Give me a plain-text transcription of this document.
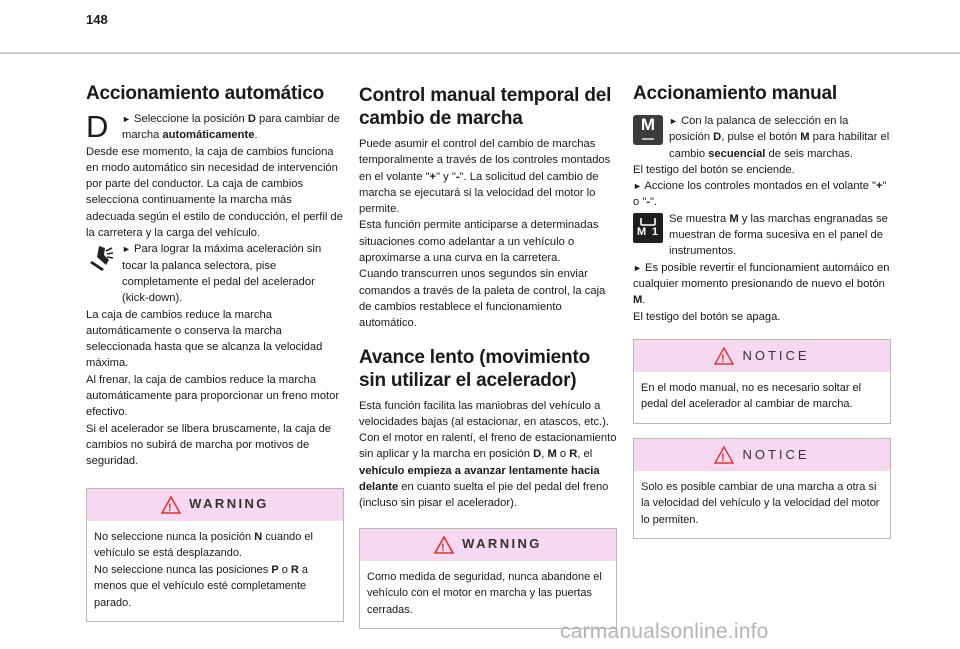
148
Accionamiento automático
D	► Seleccione la posición D para cambiar de marcha automáticamente.

Desde ese momento, la caja de cambios funciona en modo automático sin necesidad de intervención por parte del conductor. La caja de cambios selecciona continuamente la marcha más adecuada según el estilo de conducción, el perfil de la carretera y la carga del vehículo.

► Para lograr la máxima aceleración sin tocar la palanca selectora, pise completamente el pedal del acelerador (kick-down).

La caja de cambios reduce la marcha automáticamente o conserva la marcha seleccionada hasta que se alcanza la velocidad máxima.

Al frenar, la caja de cambios reduce la marcha automáticamente para proporcionar un freno motor efectivo.

Si el acelerador se libera bruscamente, la caja de cambios no subirá de marcha por motivos de seguridad.

! WARNING

No seleccione nunca la posición N cuando el vehículo se está desplazando.

No seleccione nunca las posiciones P o R a menos que el vehículo esté completamente parado.

Control manual temporal del cambio de marcha

Puede asumir el control del cambio de marchas temporalmente a través de los controles montados en el volante "+" y "-". La solicitud del cambio de marcha se ejecutará si la velocidad del motor lo permite.

Esta función permite anticiparse a determinadas situaciones como adelantar a un vehículo o aproximarse a una curva en la carretera.

Cuando transcurren unos segundos sin enviar comandos a través de la paleta de control, la caja de cambios restablece el funcionamiento automático.

Avance lento (movimiento sin utilizar el acelerador)

Esta función facilita las maniobras del vehículo a velocidades bajas (al estacionar, en atascos, etc.).

Con el motor en ralentí, el freno de estacionamiento sin aplicar y la marcha en posición D, M o R, el vehículo empieza a avanzar lentamente hacia delante en cuanto suelta el pie del pedal del freno (incluso sin pisar el acelerador).

! WARNING

Como medida de seguridad, nunca abandone el vehículo con el motor en marcha y las puertas cerradas.

Accionamiento manual
M	► Con la palanca de selección en la posición D, pulse el botón M para habilitar el cambio secuencial de seis marchas.

El testigo del botón se enciende.

► Accione los controles montados en el volante "+" o "-".

M 1

Se muestra M y las marchas engranadas se muestran de forma sucesiva en el panel de instrumentos.

► Es posible revertir el funcionamient automáico en cualquier momento presionando de nuevo el botón M.

El testigo del botón se apaga.

! NOTICE

En el modo manual, no es necesario soltar el pedal del acelerador al cambiar de marcha.

! NOTICE

Solo es posible cambiar de una marcha a otra si la velocidad del vehículo y la velocidad del motor lo permiten.

carmanualsonline.info
